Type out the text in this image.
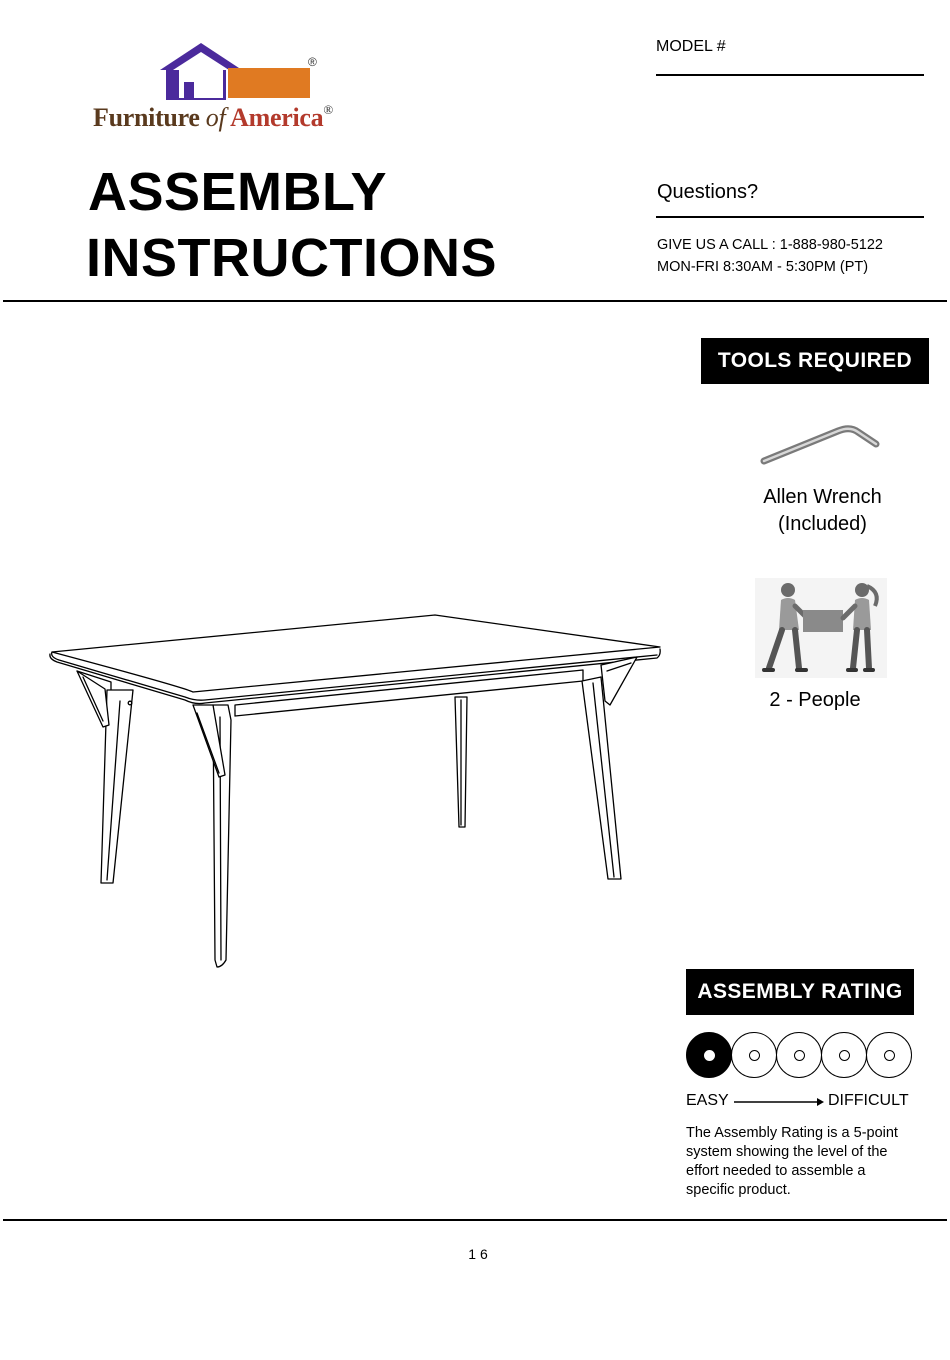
®
Furniture of America®
ASSEMBLY
INSTRUCTIONS
MODEL #
Questions?
GIVE US A CALL : 1-888-980-5122
MON-FRI 8:30AM - 5:30PM (PT)
TOOLS REQUIRED
Allen Wrench
(Included)
2 - People
ASSEMBLY RATING
EASY	DIFFICULT
The Assembly Rating is a 5-point system showing the level of the effort needed to assemble a specific product.
16
